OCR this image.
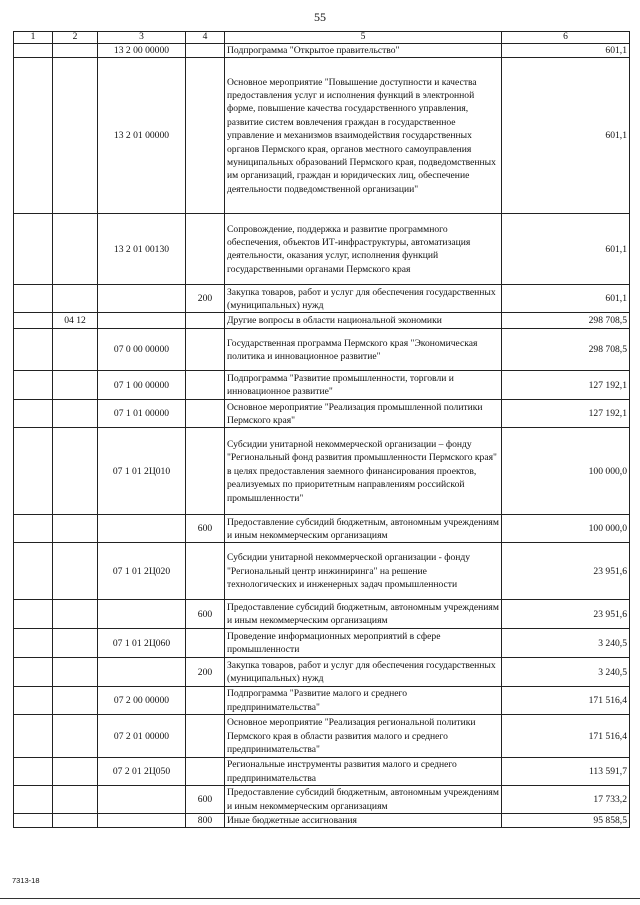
55
1	2	3	4	5	6
		13 2 00 00000		Подпрограмма "Открытое правительство"	601,1
		13 2 01 00000		Основное мероприятие "Повышение доступности и качества предоставления услуг и исполнения функций в электронной форме, повышение качества государственного управления, развитие систем вовлечения граждан в государственное управление и механизмов взаимодействия государственных органов Пермского края, органов местного самоуправления муниципальных образований Пермского края, подведомственных им организаций, граждан и юридических лиц, обеспечение деятельности подведомственной организации"	601,1
		13 2 01 00130		Сопровождение, поддержка и развитие программного обеспечения, объектов ИТ-инфраструктуры, автоматизация деятельности, оказания услуг, исполнения функций государственными органами Пермского края	601,1
			200	Закупка товаров, работ и услуг для обеспечения государственных (муниципальных) нужд	601,1
	04 12			Другие вопросы в области национальной экономики	298 708,5
		07 0 00 00000		Государственная программа Пермского края "Экономическая политика и инновационное развитие"	298 708,5
		07 1 00 00000		Подпрограмма "Развитие промышленности, торговли и инновационное развитие"	127 192,1
		07 1 01 00000		Основное мероприятие "Реализация промышленной политики Пермского края"	127 192,1
		07 1 01 2Ц010		Субсидии унитарной некоммерческой организации – фонду "Региональный фонд развития промышленности Пермского края" в целях предоставления заемного финансирования проектов, реализуемых по приоритетным направлениям российской промышленности"	100 000,0
			600	Предоставление субсидий бюджетным, автономным учреждениям и иным некоммерческим организациям	100 000,0
		07 1 01 2Ц020		Субсидии унитарной некоммерческой организации - фонду "Региональный центр инжиниринга" на решение технологических и инженерных задач промышленности	23 951,6
			600	Предоставление субсидий бюджетным, автономным учреждениям и иным некоммерческим организациям	23 951,6
		07 1 01 2Ц060		Проведение информационных мероприятий в сфере промышленности	3 240,5
			200	Закупка товаров, работ и услуг для обеспечения государственных (муниципальных) нужд	3 240,5
		07 2 00 00000		Подпрограмма "Развитие малого и среднего предпринимательства"	171 516,4
		07 2 01 00000		Основное мероприятие "Реализация региональной политики Пермского края в области развития малого и среднего предпринимательства"	171 516,4
		07 2 01 2Ц050		Региональные инструменты развития малого и среднего предпринимательства	113 591,7
			600	Предоставление субсидий бюджетным, автономным учреждениям и иным некоммерческим организациям	17 733,2
			800	Иные бюджетные ассигнования	95 858,5
7313-18
